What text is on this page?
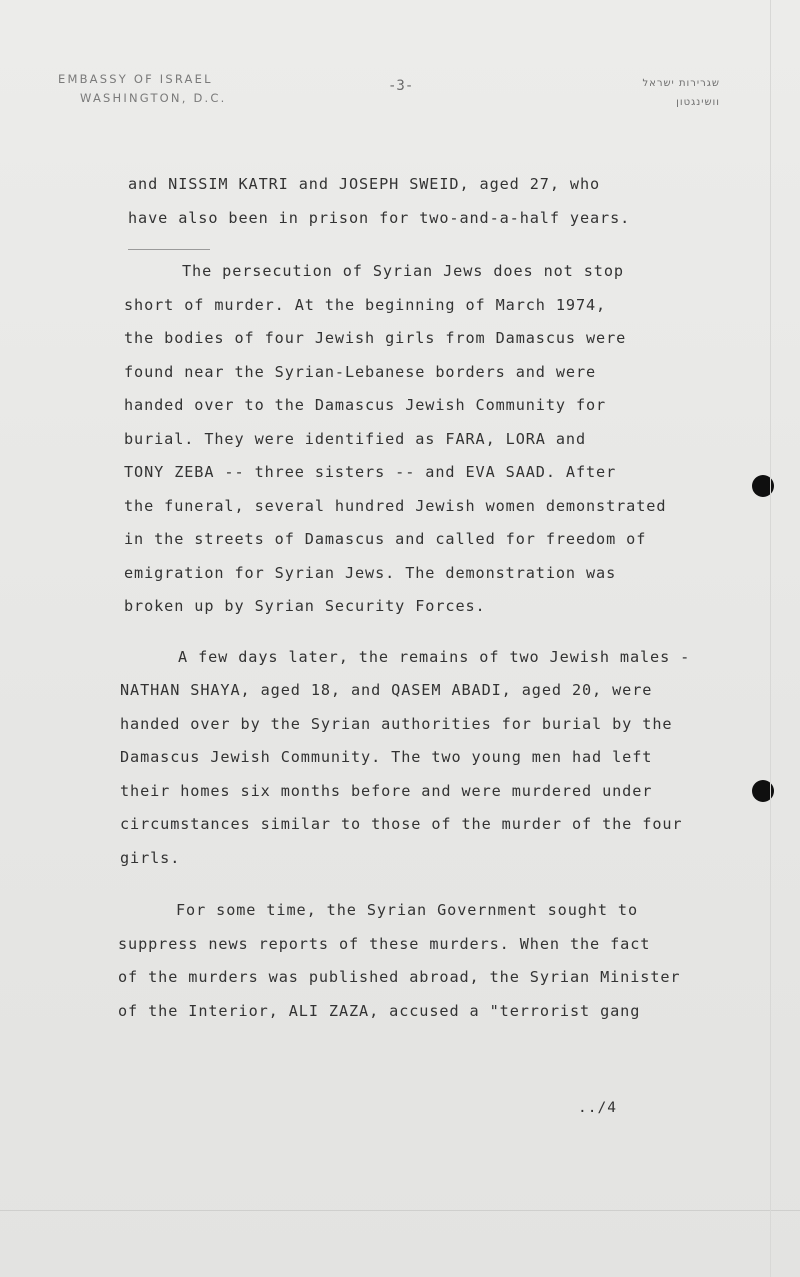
EMBASSY OF ISRAEL
WASHINGTON, D.C.
-3-	שגרירות ישראל
וושינגטון
and NISSIM KATRI and JOSEPH SWEID, aged 27, who
have also been in prison for two-and-a-half years.
The persecution of Syrian Jews does not stop
short of murder. At the beginning of March 1974,
the bodies of four Jewish girls from Damascus were
found near the Syrian-Lebanese borders and were
handed over to the Damascus Jewish Community for
burial. They were identified as FARA, LORA and
TONY ZEBA -- three sisters -- and EVA SAAD. After
the funeral, several hundred Jewish women demonstrated
in the streets of Damascus and called for freedom of
emigration for Syrian Jews. The demonstration was
broken up by Syrian Security Forces.
A few days later, the remains of two Jewish males -
NATHAN SHAYA, aged 18, and QASEM ABADI, aged 20, were
handed over by the Syrian authorities for burial by the
Damascus Jewish Community. The two young men had left
their homes six months before and were murdered under
circumstances similar to those of the murder of the four
girls.
For some time, the Syrian Government sought to
suppress news reports of these murders. When the fact
of the murders was published abroad, the Syrian Minister
of the Interior, ALI ZAZA, accused a "terrorist gang
../4
